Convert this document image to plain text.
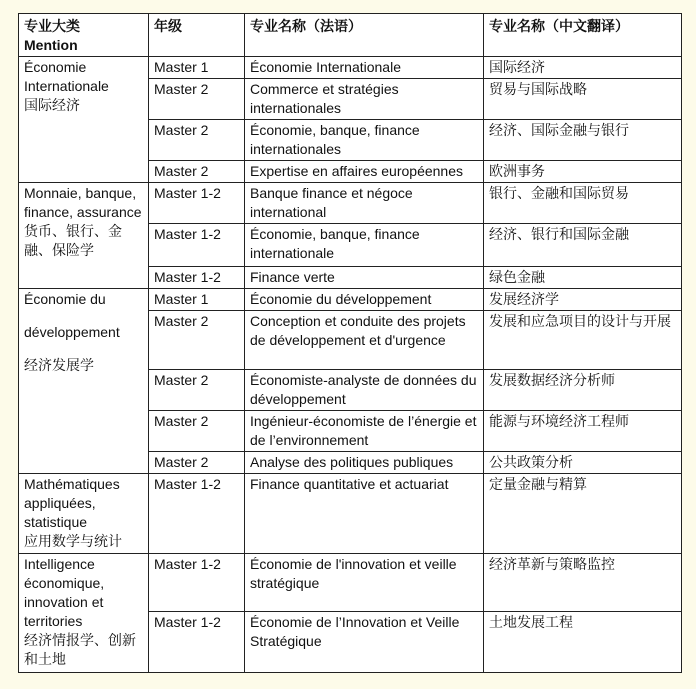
专业大类
Mention	年级	专业名称（法语）	专业名称（中文翻译）

Économie Internationale
国际经济	Master 1	Économie Internationale	国际经济
	Master 2	Commerce et stratégies internationales	贸易与国际战略
	Master 2	Économie, banque, finance internationales	经济、国际金融与银行
	Master 2	Expertise en affaires européennes	欧洲事务

Monnaie, banque, finance, assurance
货币、银行、金融、保险学	Master 1-2	Banque finance et négoce international	银行、金融和国际贸易
	Master 1-2	Économie, banque, finance internationale	经济、银行和国际金融
	Master 1-2	Finance verte	绿色金融

Économie du
développement
经济发展学	Master 1	Économie du développement	发展经济学
	Master 2	Conception et conduite des projets de développement et d'urgence	发展和应急项目的设计与开展
	Master 2	Économiste-analyste de données du développement	发展数据经济分析师
	Master 2	Ingénieur-économiste de l’énergie et de l’environnement	能源与环境经济工程师
	Master 2	Analyse des politiques publiques	公共政策分析

Mathématiques appliquées, statistique
应用数学与统计	Master 1-2	Finance quantitative et actuariat	定量金融与精算

Intelligence économique, innovation et territories
经济情报学、创新和土地	Master 1-2	Économie de l'innovation et veille stratégique	经济革新与策略监控
	Master 1-2	Économie de l’Innovation et Veille Stratégique	土地发展工程
